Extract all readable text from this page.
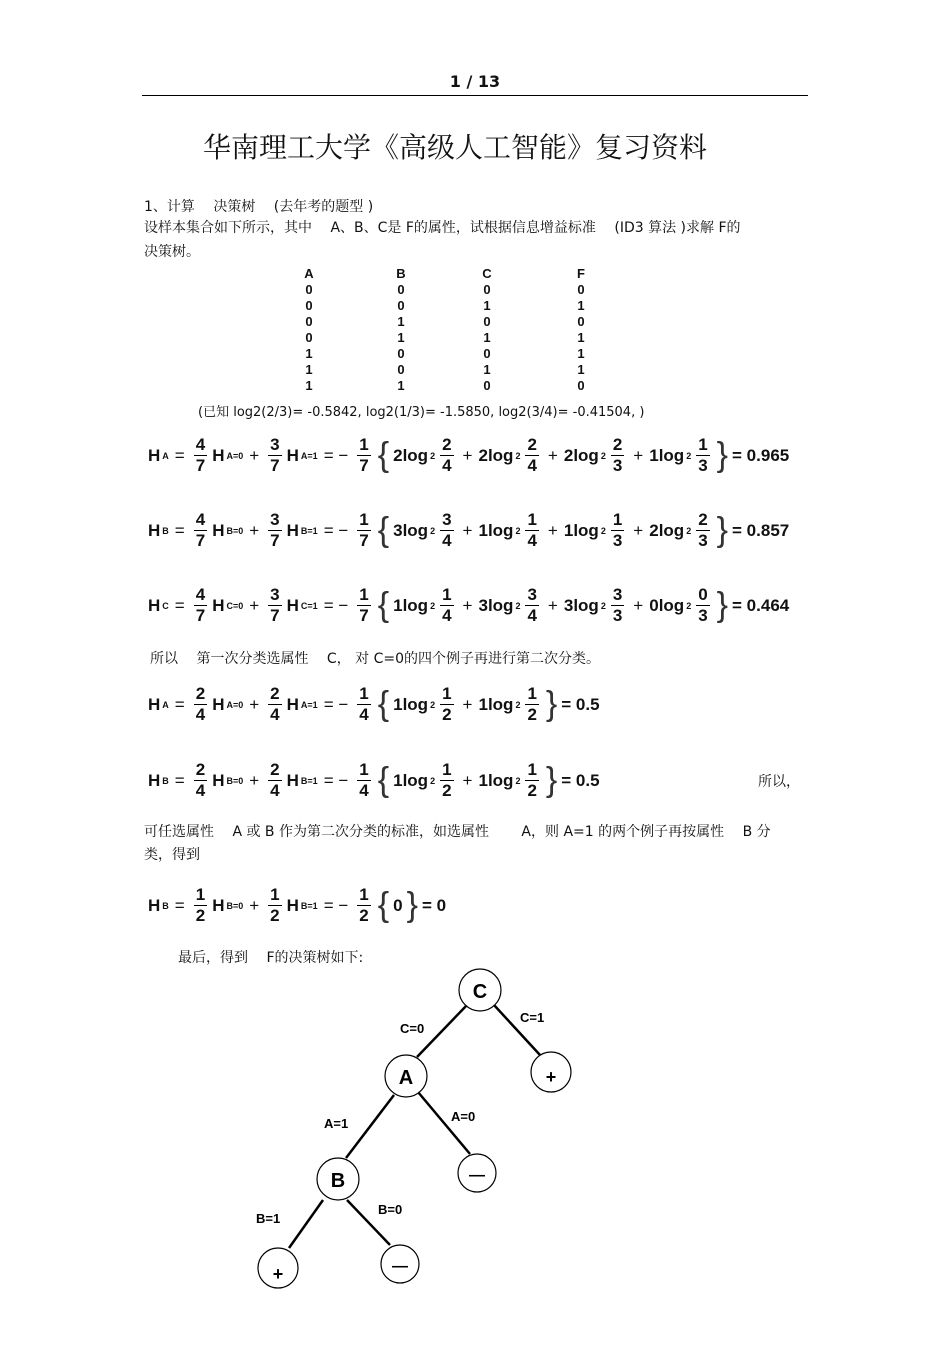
1 / 13
华南理工大学《高级人工智能》复习资料
1、计算 　决策树 　(去年考的题型 )
设样本集合如下所示，其中 　A、B、C是 F的属性，试根据信息增益标准 　(ID3 算法 )求解 F的
决策树。
A	B	C	F
0	0	0	0
0	0	1	1
0	1	0	0
0	1	1	1
1	0	0	1
1	0	1	1
1	1	0	0
(已知 log2(2/3)= -0.5842, log2(1/3)= -1.5850, log2(3/4)= -0.41504, )
H $A = \frac{4}{7}$ H $A=0 + \frac{3}{7}$ H A=1 = − $\frac{1}{7}$ { 2log $2 \frac{2}{4} + 2\log$ $2 \frac{2}{4} + 2\log$ $2 \frac{2}{3} + 1\log$ $2 \frac{1}{3}$ } = 0.965
H $B = \frac{4}{7}$ H $B=0 + \frac{3}{7}$ H B=1 = − $\frac{1}{7}$ { 3log $2 \frac{3}{4} + 1\log$ $2 \frac{1}{4} + 1\log$ $2 \frac{1}{3} + 2\log$ $2 \frac{2}{3}$ } = 0.857
H $C = \frac{4}{7}$ H $C=0 + \frac{3}{7}$ H C=1 = − $\frac{1}{7}$ { 1log $2 \frac{1}{4} + 3\log$ $2 \frac{3}{4} + 3\log$ $2 \frac{3}{3} + 0\log$ $2 \frac{0}{3}$ } = 0.464
所以 　第一次分类选属性 　C， 对 C=0的四个例子再进行第二次分类。
H $A = \frac{2}{4}$ H $A=0 + \frac{2}{4}$ H A=1 = − $\frac{1}{4}$ { 1log $2 \frac{1}{2} + 1\log$ $2 \frac{1}{2}$ } = 0.5
H $B = \frac{2}{4}$ H $B=0 + \frac{2}{4}$ H B=1 = − $\frac{1}{4}$ { 1log $2 \frac{1}{2} + 1\log$ $2 \frac{1}{2}$ } = 0.5	所以，
可任选属性 　A 或 B 作为第二次分类的标准，如选属性 　　A，则 A=1 的两个例子再按属性 　B 分
类，得到
H $B = \frac{1}{2}$ H $B=0 + \frac{1}{2}$ H B=1 = − $\frac{1}{2}$ { 0 } = 0
最后，得到 　F的决策树如下:
C
+
A
—
B
+	—
C=0
C=1
A=1	A=0
B=1
B=0
